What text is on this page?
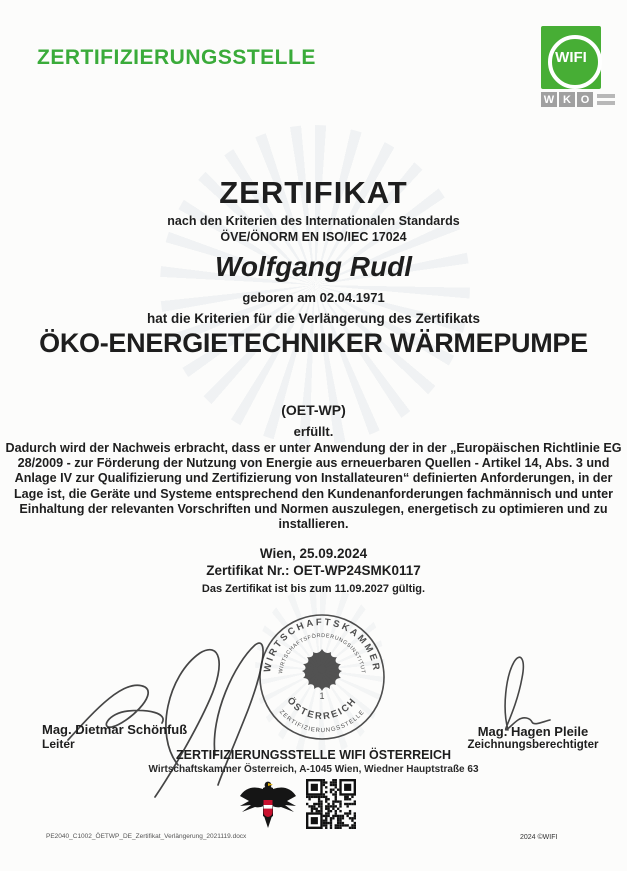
ZERTIFIZIERUNGSSTELLE	WIFI
W K O
ZERTIFIKAT
nach den Kriterien des Internationalen Standards
ÖVE/ÖNORM EN ISO/IEC 17024
Wolfgang Rudl
geboren am 02.04.1971
hat die Kriterien für die Verlängerung des Zertifikats
ÖKO-ENERGIETECHNIKER WÄRMEPUMPE
(OET-WP)
erfüllt.
Dadurch wird der Nachweis erbracht, dass er unter Anwendung der in der „Europäischen Richtlinie EG
28/2009 - zur Förderung der Nutzung von Energie aus erneuerbaren Quellen - Artikel 14, Abs. 3 und
Anlage IV zur Qualifizierung und Zertifizierung von Installateuren“ definierten Anforderungen, in der
Lage ist, die Geräte und Systeme entsprechend den Kundenanforderungen fachmännisch und unter
Einhaltung der relevanten Vorschriften und Normen auszulegen, energetisch zu optimieren und zu
installieren.
Wien, 25.09.2024
Zertifikat Nr.: OET-WP24SMK0117
Das Zertifikat ist bis zum 11.09.2027 gültig.
WIRTSCHAFTSKAMMER
WIRTSCHAFTSFÖRDERUNGSINSTITUT
ÖSTERREICH
ZERTIFIZIERUNGSSTELLE
1
Mag. Dietmar Schönfuß
Leiter
Mag. Hagen Pleile
Zeichnungsberechtigter
ZERTIFIZIERUNGSSTELLE WIFI ÖSTERREICH
Wirtschaftskammer Österreich, A-1045 Wien, Wiedner Hauptstraße 63
PE2040_C1002_ÖETWP_DE_Zertifikat_Verlängerung_2021119.docx	2024 ©WIFI
